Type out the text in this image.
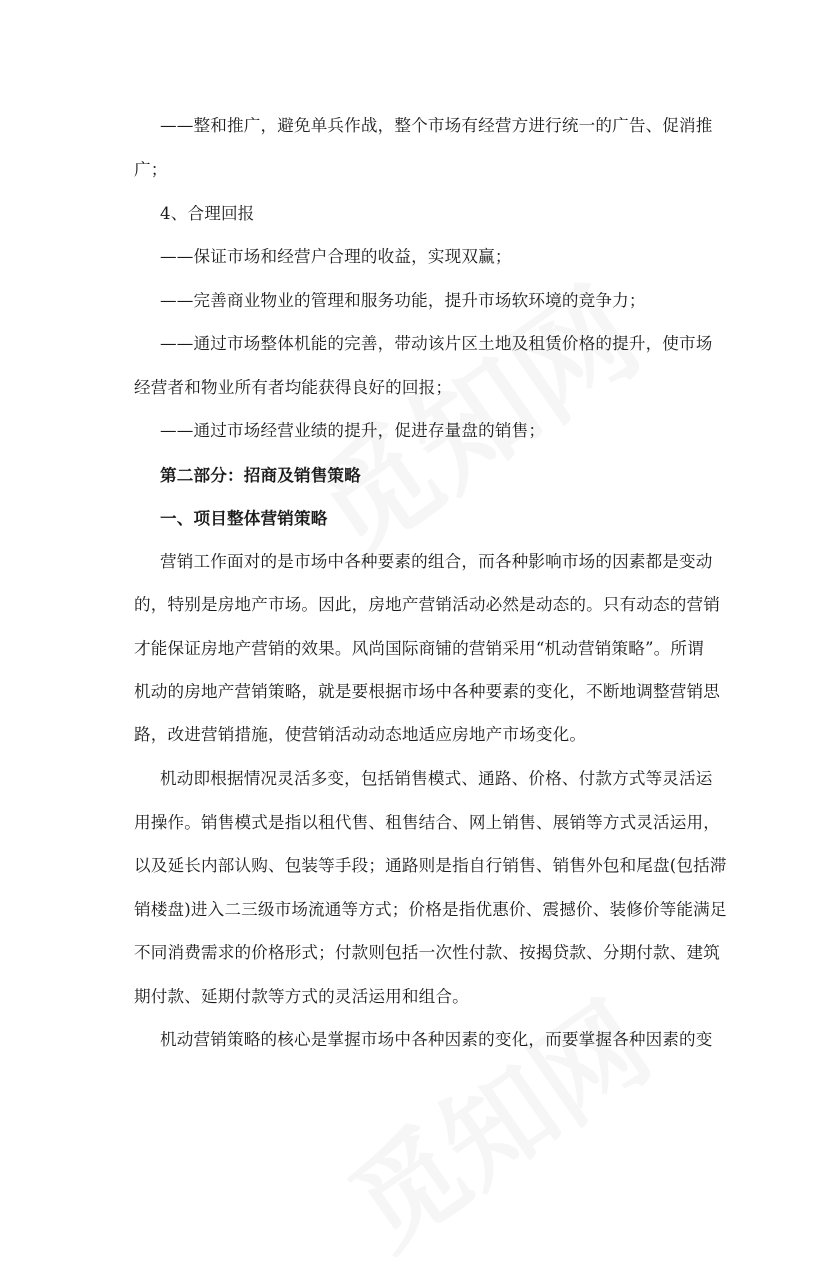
——整和推广，避免单兵作战，整个市场有经营方进行统一的广告、促消推
广；
4、合理回报
——保证市场和经营户合理的收益，实现双赢；
——完善商业物业的管理和服务功能，提升市场软环境的竞争力；
——通过市场整体机能的完善，带动该片区土地及租赁价格的提升，使市场
经营者和物业所有者均能获得良好的回报；
——通过市场经营业绩的提升，促进存量盘的销售；
第二部分：招商及销售策略
一、项目整体营销策略
营销工作面对的是市场中各种要素的组合，而各种影响市场的因素都是变动
的，特别是房地产市场。因此，房地产营销活动必然是动态的。只有动态的营销
才能保证房地产营销的效果。风尚国际商铺的营销采用“机动营销策略”。所谓
机动的房地产营销策略，就是要根据市场中各种要素的变化，不断地调整营销思
路，改进营销措施，使营销活动动态地适应房地产市场变化。
机动即根据情况灵活多变，包括销售模式、通路、价格、付款方式等灵活运
用操作。销售模式是指以租代售、租售结合、网上销售、展销等方式灵活运用，
以及延长内部认购、包装等手段；通路则是指自行销售、销售外包和尾盘(包括滞
销楼盘)进入二三级市场流通等方式；价格是指优惠价、震撼价、装修价等能满足
不同消费需求的价格形式；付款则包括一次性付款、按揭贷款、分期付款、建筑
期付款、延期付款等方式的灵活运用和组合。
机动营销策略的核心是掌握市场中各种因素的变化，而要掌握各种因素的变
